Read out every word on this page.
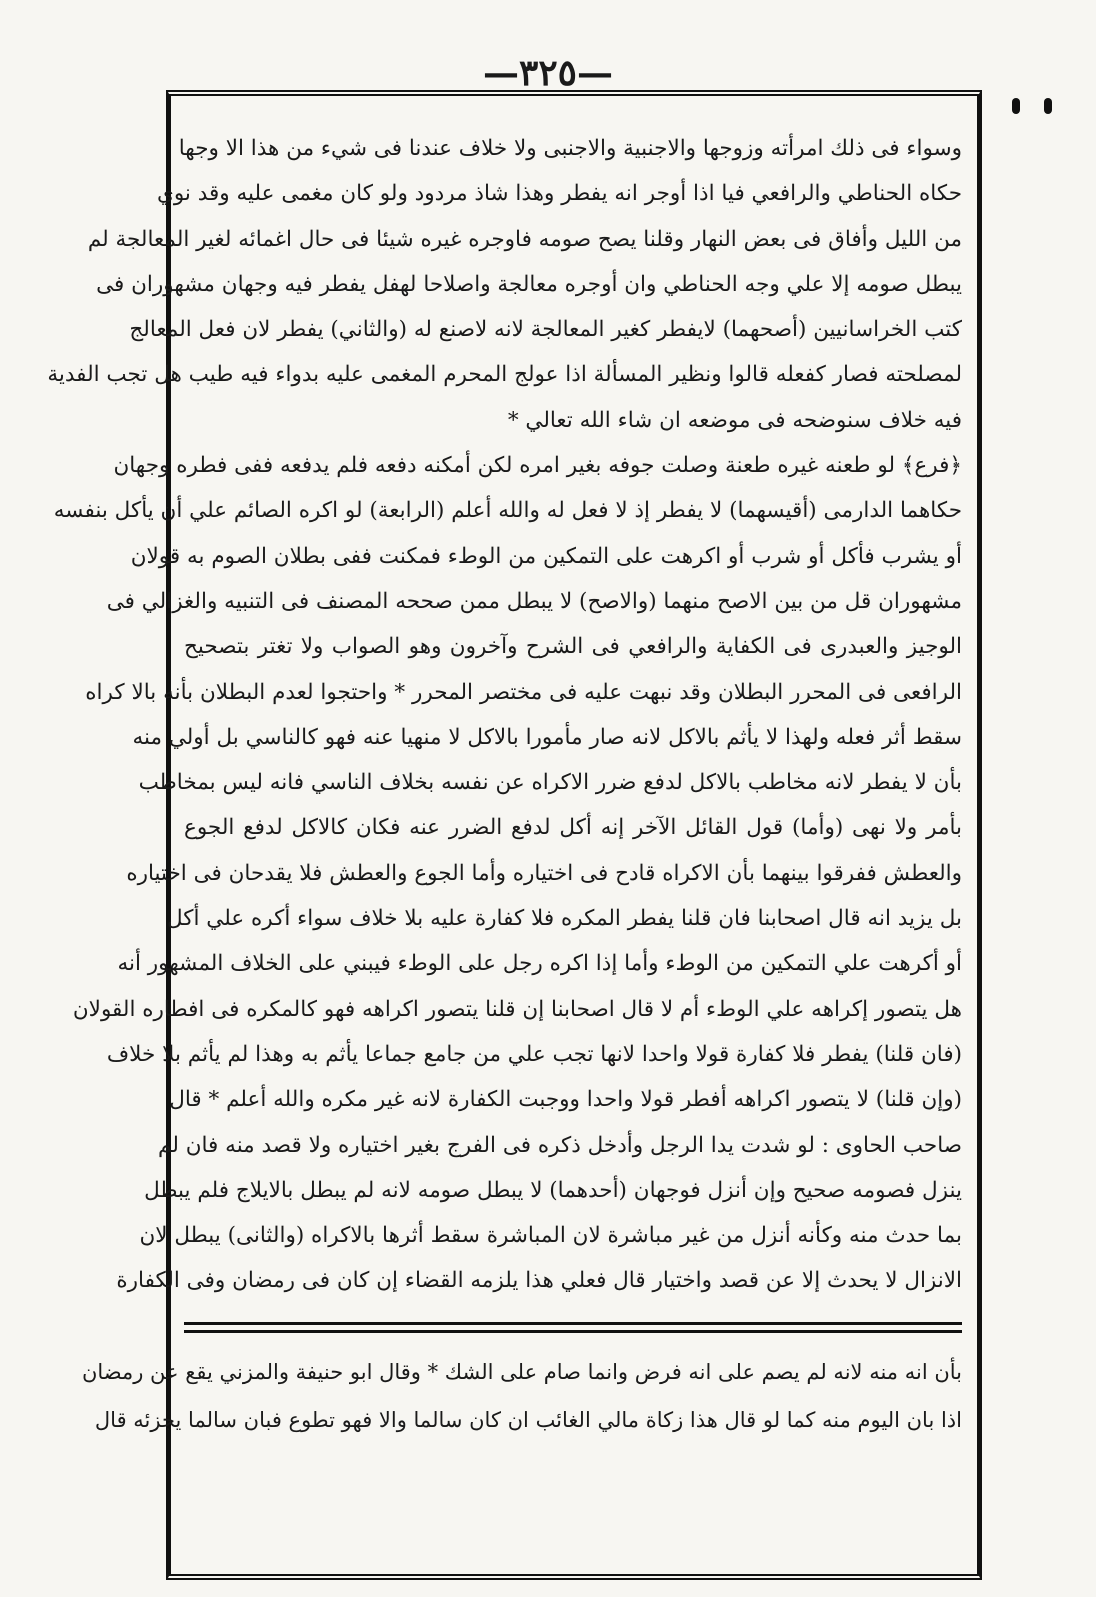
—٣٢٥—
وسواء فى ذلك امرأته وزوجها والاجنبية والاجنبى ولا خلاف عندنا فى شيء من هذا الا وجها
حكاه الحناطي والرافعي فيا اذا أوجر انه يفطر وهذا شاذ مردود ولو كان مغمى عليه وقد نوي
من الليل وأفاق فى بعض النهار وقلنا يصح صومه فاوجره غيره شيئا فى حال اغمائه لغير المعالجة لم
يبطل صومه إلا علي وجه الحناطي وان أوجره معالجة واصلاحا لهفل يفطر فيه وجهان مشهوران فى
كتب الخراسانيين (أصحهما) لايفطر كغير المعالجة لانه لاصنع له (والثاني) يفطر لان فعل المعالج
لمصلحته فصار كفعله قالوا ونظير المسألة اذا عولج المحرم المغمى عليه بدواء فيه طيب هل تجب الفدية
فيه خلاف سنوضحه فى موضعه ان شاء الله تعالي *
﴿فرع﴾ لو طعنه غيره طعنة وصلت جوفه بغير امره لكن أمكنه دفعه فلم يدفعه ففى فطره وجهان
حكاهما الدارمى (أقيسهما) لا يفطر إذ لا فعل له والله أعلم (الرابعة) لو اكره الصائم علي أن يأكل بنفسه
أو يشرب فأكل أو شرب أو اكرهت على التمكين من الوطء فمكنت ففى بطلان الصوم به قولان
مشهوران قل من بين الاصح منهما (والاصح) لا يبطل ممن صححه المصنف فى التنبيه والغزالي فى
الوجيز والعبدرى فى الكفاية والرافعي فى الشرح وآخرون وهو الصواب ولا تغتر بتصحيح
الرافعى فى المحرر البطلان وقد نبهت عليه فى مختصر المحرر * واحتجوا لعدم البطلان بأنه بالا كراه
سقط أثر فعله ولهذا لا يأثم بالاكل لانه صار مأمورا بالاكل لا منهيا عنه فهو كالناسي بل أولي منه
بأن لا يفطر لانه مخاطب بالاكل لدفع ضرر الاكراه عن نفسه بخلاف الناسي فانه ليس بمخاطب
بأمر ولا نهى (وأما) قول القائل الآخر إنه أكل لدفع الضرر عنه فكان كالاكل لدفع الجوع
والعطش ففرقوا بينهما بأن الاكراه قادح فى اختياره وأما الجوع والعطش فلا يقدحان فى اختياره
بل يزيد انه قال اصحابنا فان قلنا يفطر المكره فلا كفارة عليه بلا خلاف سواء أكره علي أكل
أو أكرهت علي التمكين من الوطء وأما إذا اكره رجل على الوطء فيبني على الخلاف المشهور أنه
هل يتصور إكراهه علي الوطء أم لا قال اصحابنا إن قلنا يتصور اكراهه فهو كالمكره فى افطاره القولان
(فان قلنا) يفطر فلا كفارة قولا واحدا لانها تجب علي من جامع جماعا يأثم به وهذا لم يأثم بلا خلاف
(وإن قلنا) لا يتصور اكراهه أفطر قولا واحدا ووجبت الكفارة لانه غير مكره والله أعلم * قال
صاحب الحاوى : لو شدت يدا الرجل وأدخل ذكره فى الفرج بغير اختياره ولا قصد منه فان لم
ينزل فصومه صحيح وإن أنزل فوجهان (أحدهما) لا يبطل صومه لانه لم يبطل بالايلاج فلم يبطل
بما حدث منه وكأنه أنزل من غير مباشرة لان المباشرة سقط أثرها بالاكراه (والثانى) يبطل لان
الانزال لا يحدث إلا عن قصد واختيار قال فعلي هذا يلزمه القضاء إن كان فى رمضان وفى الكفارة
بأن انه منه لانه لم يصم على انه فرض وانما صام على الشك * وقال ابو حنيفة والمزني يقع عن رمضان
اذا بان اليوم منه كما لو قال هذا زكاة مالي الغائب ان كان سالما والا فهو تطوع فبان سالما يجزئه قال
